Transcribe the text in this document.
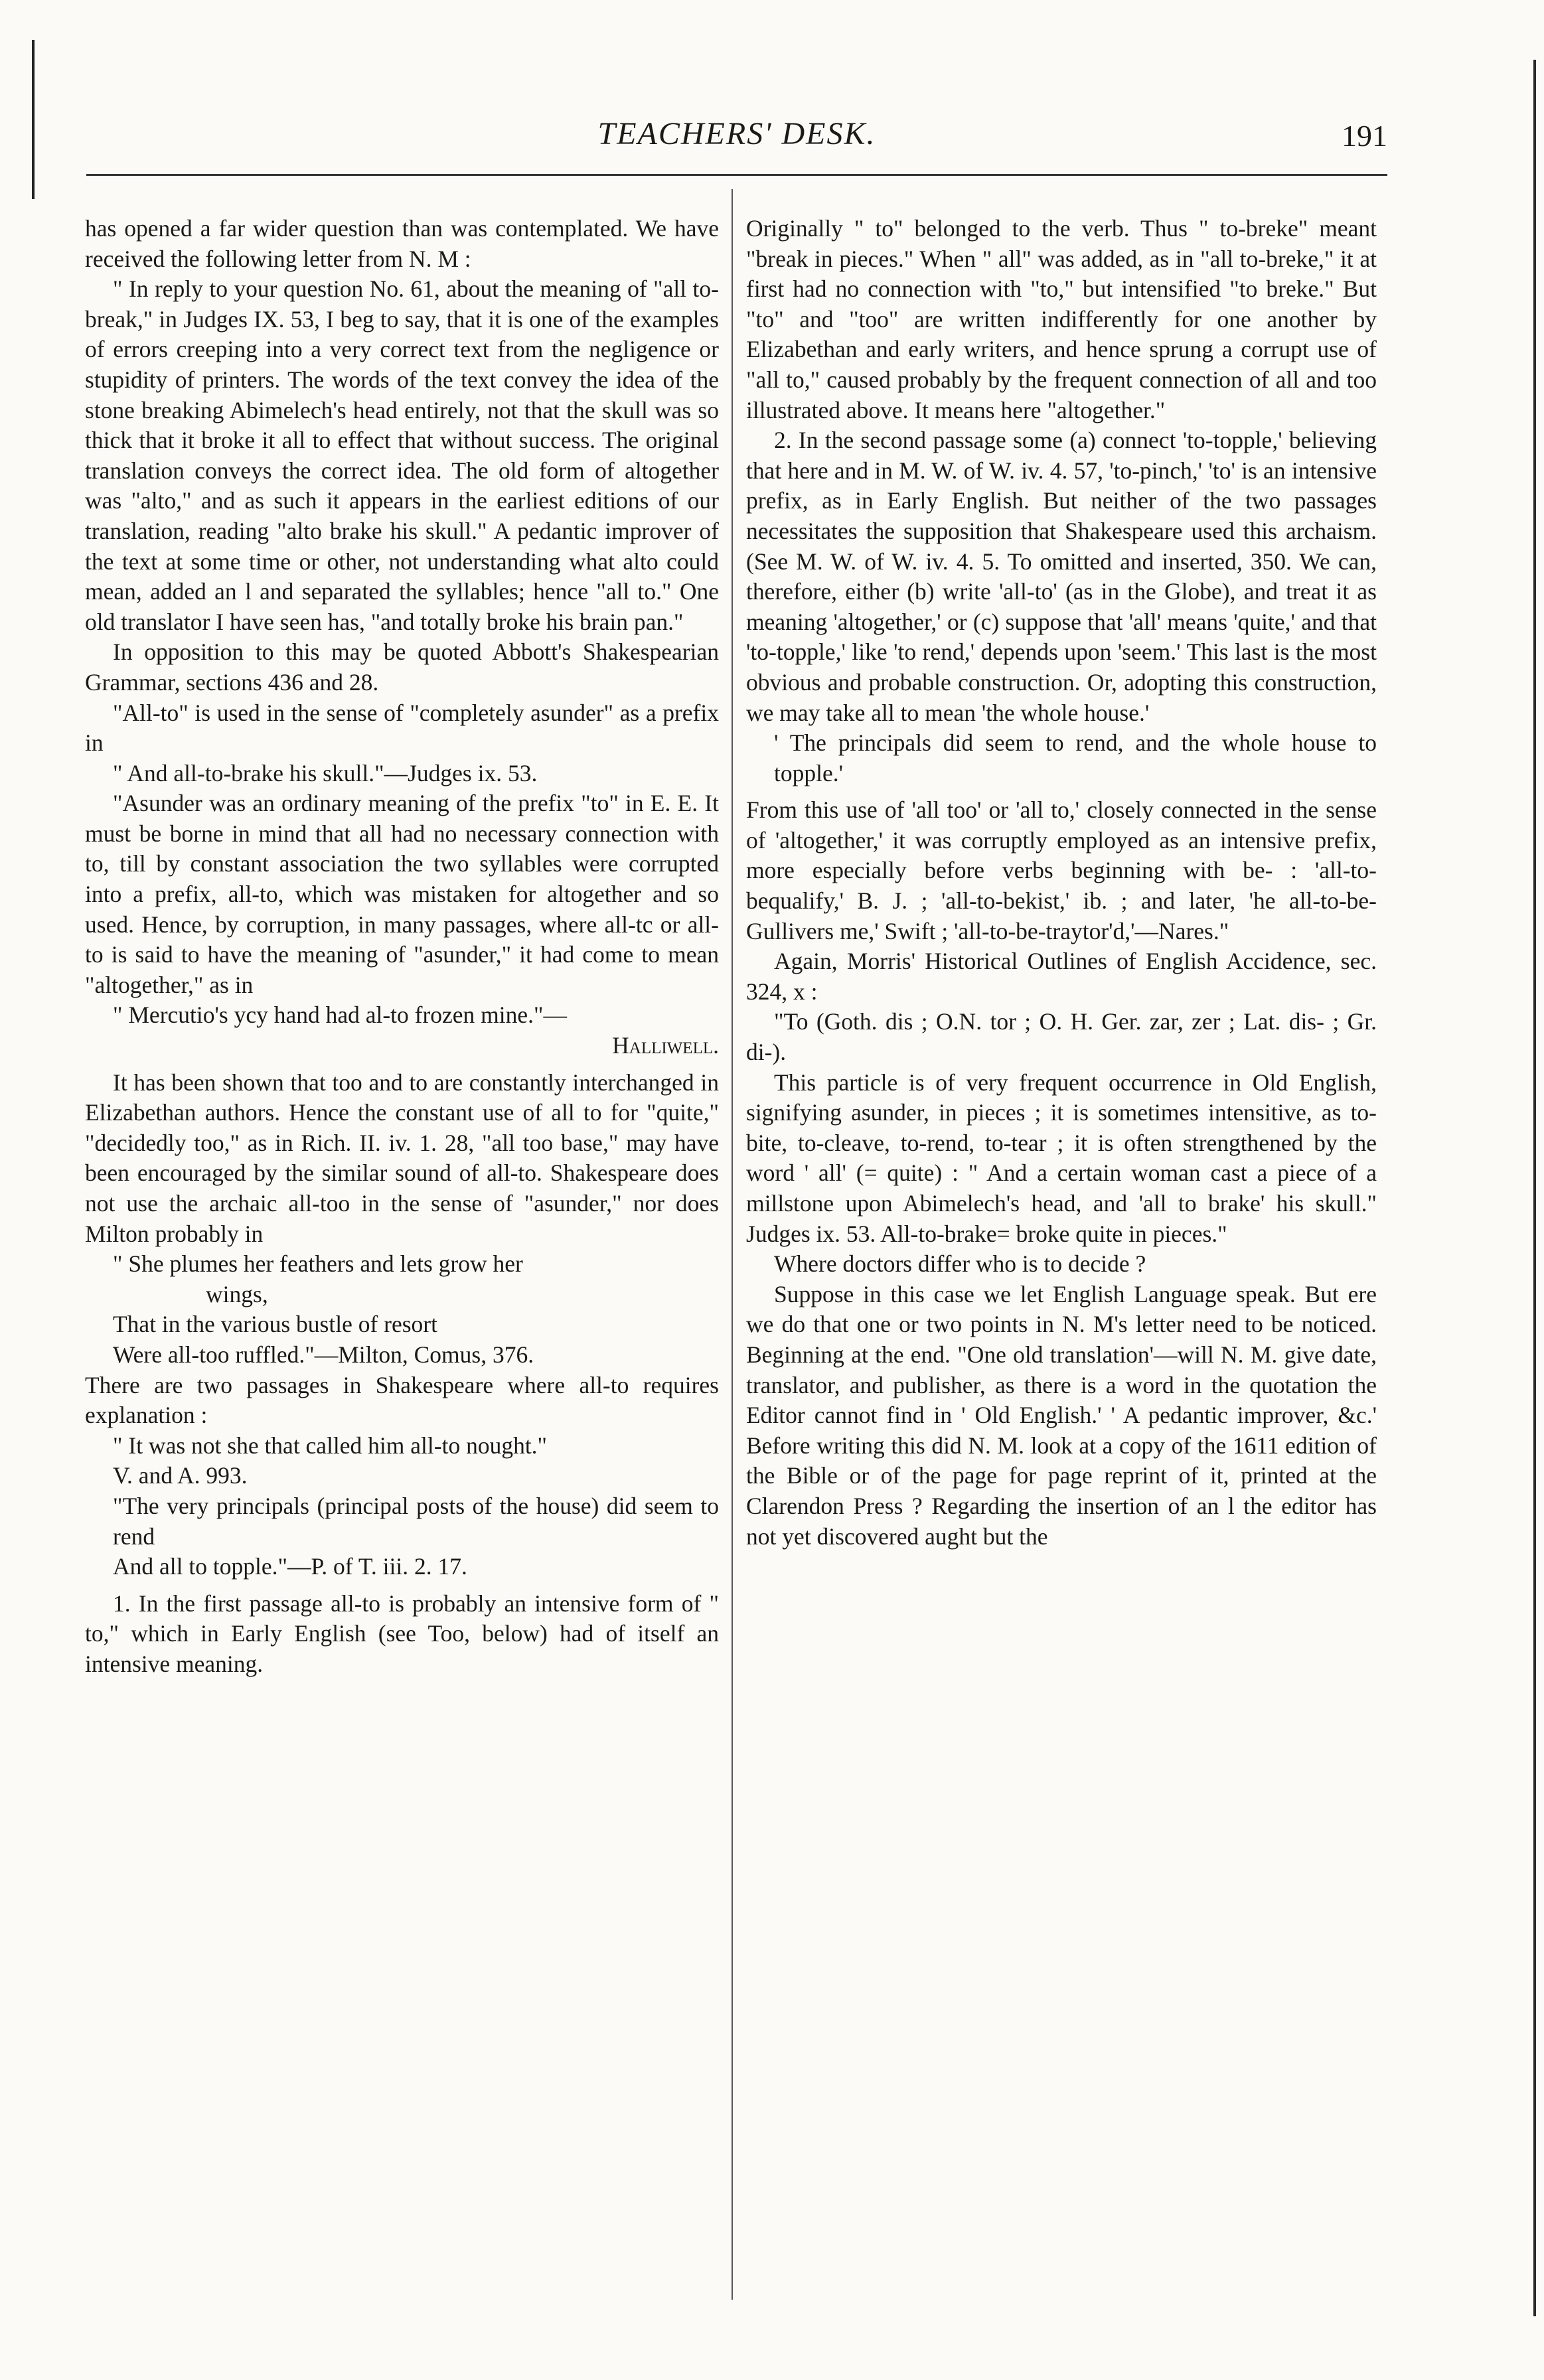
TEACHERS' DESK.	191

has opened a far wider question than was contemplated. We have received the following letter from N. M :

" In reply to your question No. 61, about the meaning of "all to-break," in Judges IX. 53, I beg to say, that it is one of the examples of errors creeping into a very correct text from the negligence or stupidity of printers. The words of the text convey the idea of the stone breaking Abimelech's head entirely, not that the skull was so thick that it broke it all to effect that without success. The original translation conveys the correct idea. The old form of altogether was "alto," and as such it appears in the earliest editions of our translation, reading "alto brake his skull." A pedantic improver of the text at some time or other, not understanding what alto could mean, added an l and separated the syllables; hence "all to." One old translator I have seen has, "and totally broke his brain pan."

In opposition to this may be quoted Abbott's Shakespearian Grammar, sections 436 and 28.

"All-to" is used in the sense of "completely asunder" as a prefix in

" And all-to-brake his skull."—Judges ix. 53.

"Asunder was an ordinary meaning of the prefix "to" in E. E. It must be borne in mind that all had no necessary connection with to, till by constant association the two syllables were corrupted into a prefix, all-to, which was mistaken for altogether and so used. Hence, by corruption, in many passages, where all-tc or all-to is said to have the meaning of "asunder," it had come to mean "altogether," as in

" Mercutio's ycy hand had al-to frozen mine."—

Halliwell.

It has been shown that too and to are constantly interchanged in Elizabethan authors. Hence the constant use of all to for "quite," "decidedly too," as in Rich. II. iv. 1. 28, "all too base," may have been encouraged by the similar sound of all-to. Shakespeare does not use the archaic all-too in the sense of "asunder," nor does Milton probably in

" She plumes her feathers and lets grow her
wings,
That in the various bustle of resort
Were all-too ruffled."—Milton, Comus, 376.

There are two passages in Shakespeare where all-to requires explanation :

" It was not she that called him all-to nought."

V. and A. 993.

"The very principals (principal posts of the house) did seem to rend

And all to topple."—P. of T. iii. 2. 17.

1. In the first passage all-to is probably an intensive form of " to," which in Early English (see Too, below) had of itself an intensive meaning.

Originally " to" belonged to the verb. Thus " to-breke" meant "break in pieces." When " all" was added, as in "all to-breke," it at first had no connection with "to," but intensified "to breke." But "to" and "too" are written indifferently for one another by Elizabethan and early writers, and hence sprung a corrupt use of "all to," caused probably by the frequent connection of all and too illustrated above. It means here "altogether."

2. In the second passage some (a) connect 'to-topple,' believing that here and in M. W. of W. iv. 4. 57, 'to-pinch,' 'to' is an intensive prefix, as in Early English. But neither of the two passages necessitates the supposition that Shakespeare used this archaism. (See M. W. of W. iv. 4. 5. To omitted and inserted, 350. We can, therefore, either (b) write 'all-to' (as in the Globe), and treat it as meaning 'altogether,' or (c) suppose that 'all' means 'quite,' and that 'to-topple,' like 'to rend,' depends upon 'seem.' This last is the most obvious and probable construction. Or, adopting this construction, we may take all to mean 'the whole house.'

' The principals did seem to rend, and the whole house to topple.'

From this use of 'all too' or 'all to,' closely connected in the sense of 'altogether,' it was corruptly employed as an intensive prefix, more especially before verbs beginning with be- : 'all-to-bequalify,' B. J. ; 'all-to-bekist,' ib. ; and later, 'he all-to-be-Gullivers me,' Swift ; 'all-to-be-traytor'd,'—Nares."

Again, Morris' Historical Outlines of English Accidence, sec. 324, x :

"To (Goth. dis ; O.N. tor ; O. H. Ger. zar, zer ; Lat. dis- ; Gr. di-).

This particle is of very frequent occurrence in Old English, signifying asunder, in pieces ; it is sometimes intensitive, as to-bite, to-cleave, to-rend, to-tear ; it is often strengthened by the word ' all' (= quite) : " And a certain woman cast a piece of a millstone upon Abimelech's head, and 'all to brake' his skull." Judges ix. 53. All-to-brake= broke quite in pieces."

Where doctors differ who is to decide ?

Suppose in this case we let English Language speak. But ere we do that one or two points in N. M's letter need to be noticed. Beginning at the end. "One old translation'—will N. M. give date, translator, and publisher, as there is a word in the quotation the Editor cannot find in ' Old English.' ' A pedantic improver, &c.' Before writing this did N. M. look at a copy of the 1611 edition of the Bible or of the page for page reprint of it, printed at the Clarendon Press ? Regarding the insertion of an l the editor has not yet discovered aught but the
